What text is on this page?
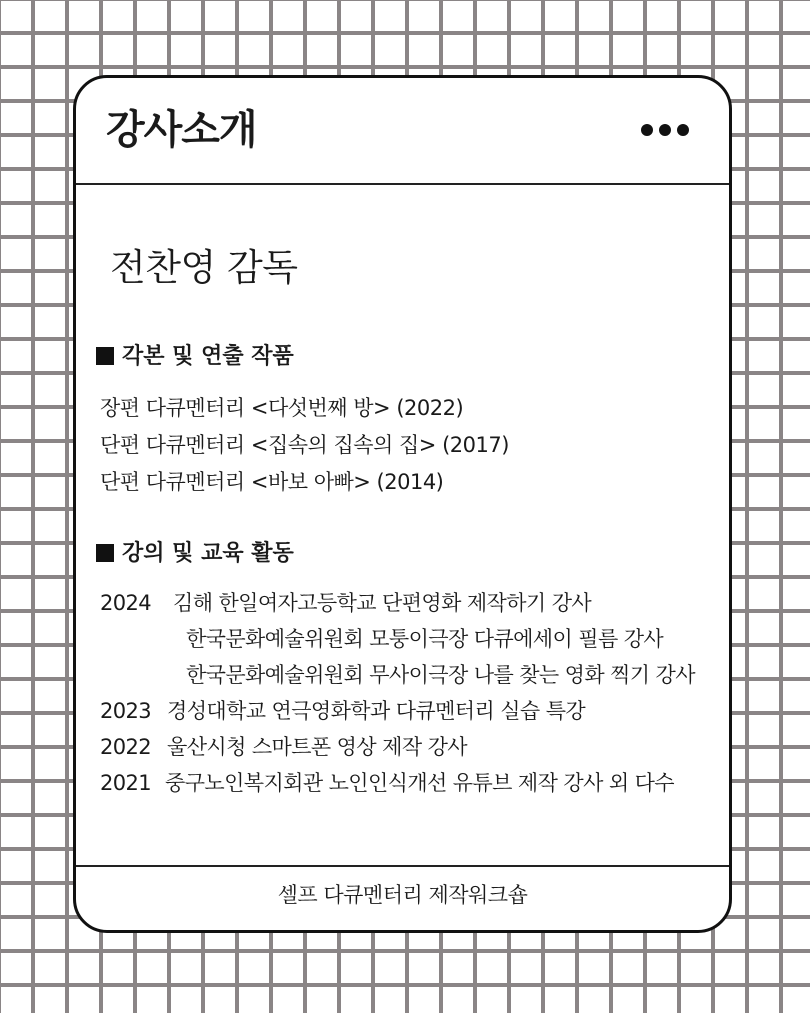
강사소개
전찬영 감독
각본 및 연출 작품
장편 다큐멘터리 <다섯번째 방> (2022)
단편 다큐멘터리 <집속의 집속의 집> (2017)
단편 다큐멘터리 <바보 아빠> (2014)
강의 및 교육 활동
2024 김해 한일여자고등학교 단편영화 제작하기 강사
한국문화예술위원회 모퉁이극장 다큐에세이 필름 강사
한국문화예술위원회 무사이극장 나를 찾는 영화 찍기 강사
2023 경성대학교 연극영화학과 다큐멘터리 실습 특강
2022 울산시청 스마트폰 영상 제작 강사
2021 중구노인복지회관 노인인식개선 유튜브 제작 강사 외 다수
셀프 다큐멘터리 제작워크숍
